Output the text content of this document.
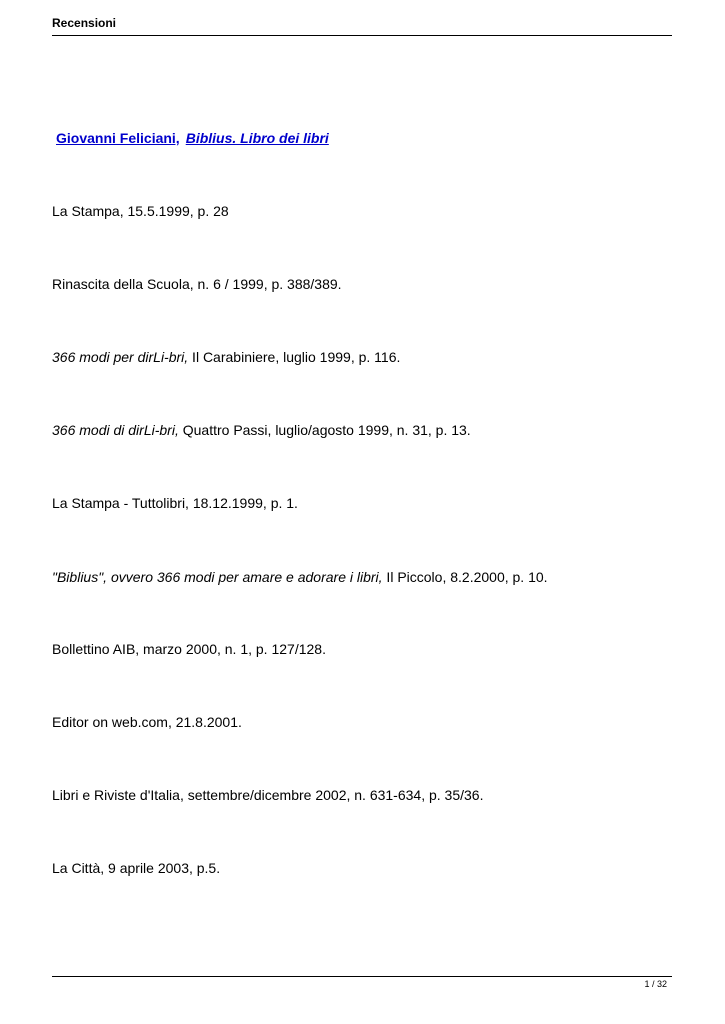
Recensioni
Giovanni Feliciani, Biblius. Libro dei libri
La Stampa, 15.5.1999, p. 28
Rinascita della Scuola, n. 6 / 1999, p. 388/389.
366 modi per dirLi-bri, Il Carabiniere, luglio 1999, p. 116.
366 modi di dirLi-bri, Quattro Passi, luglio/agosto 1999, n. 31, p. 13.
La Stampa - Tuttolibri, 18.12.1999, p. 1.
"Biblius", ovvero 366 modi per amare e adorare i libri, Il Piccolo, 8.2.2000, p. 10.
Bollettino AIB, marzo 2000, n. 1, p. 127/128.
Editor on web.com, 21.8.2001.
Libri e Riviste d'Italia, settembre/dicembre 2002, n. 631-634, p. 35/36.
La Città, 9 aprile 2003, p.5.
1 / 32
